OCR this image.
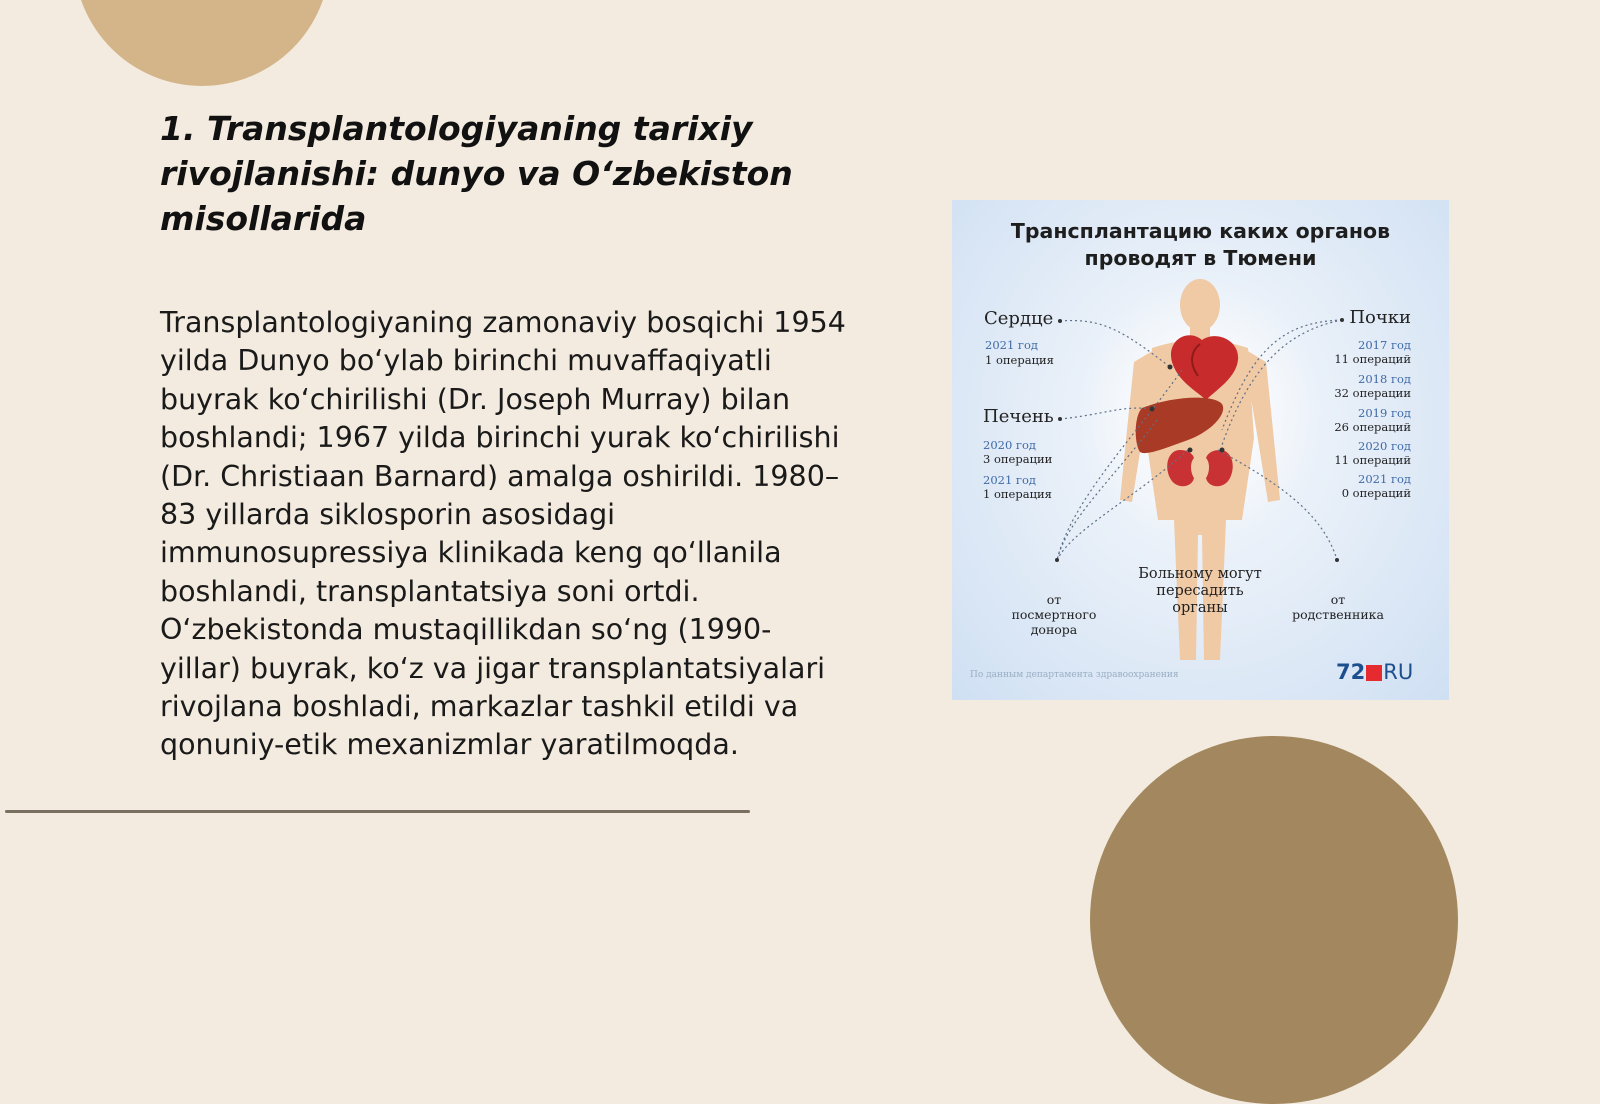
1. Transplantologiyaning tarixiy rivojlanishi: dunyo va O‘zbekiston misollarida

Transplantologiyaning zamonaviy bosqichi 1954 yilda Dunyo bo‘ylab birinchi muvaffaqiyatli buyrak ko‘chirilishi (Dr. Joseph Murray) bilan boshlandi; 1967 yilda birinchi yurak ko‘chirilishi (Dr. Christiaan Barnard) amalga oshirildi. 1980–83 yillarda siklosporin asosidagi immunosupressiya klinikada keng qo‘llanila boshlandi, transplantatsiya soni ortdi. O‘zbekistonda mustaqillikdan so‘ng (1990-yillar) buyrak, ko‘z va jigar transplantatsiyalari rivojlana boshladi, markazlar tashkil etildi va qonuniy-etik mexanizmlar yaratilmoqda.

Трансплантацию каких органов
проводят в Тюмени
Сердце
2021 год
1 операция
Печень
2020 год
3 операции
2021 год
1 операция
Почки
2017 год
11 операций
2018 год
32 операции
2019 год
26 операций
2020 год
11 операций
2021 год
0 операций
Больному могут
пересадить
органы
от
посмертного
донора
от
родственника
По данным департамента здравоохранения	72 RU
